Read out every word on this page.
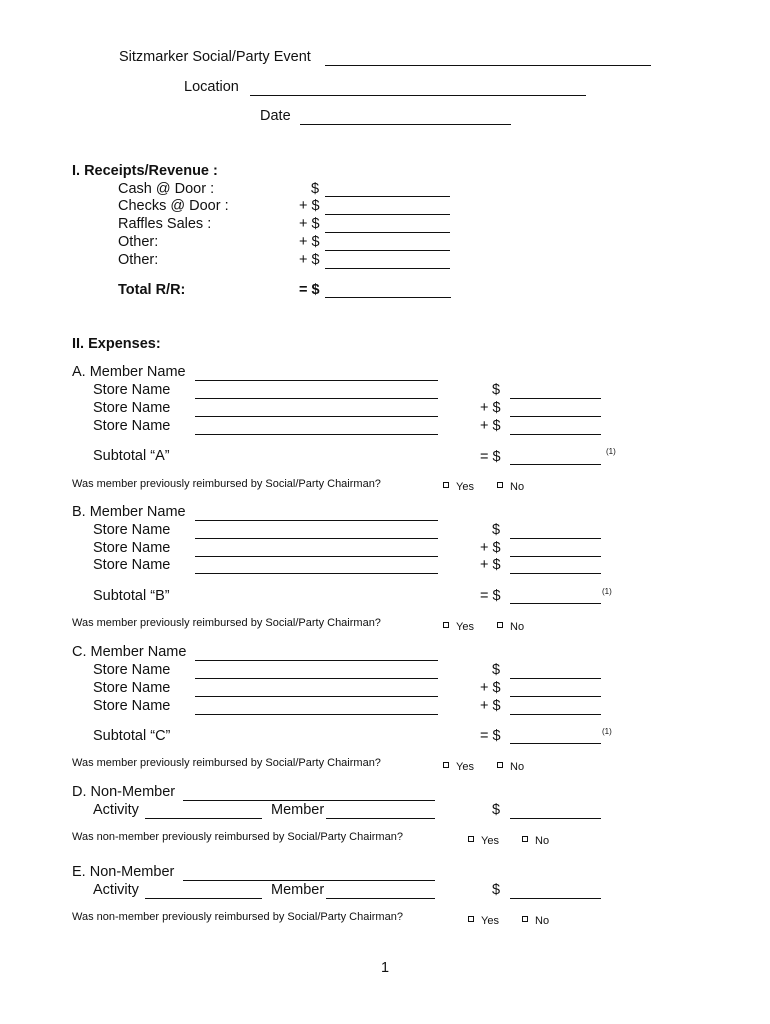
Sitzmarker Social/Party Event
Location
Date
I. Receipts/Revenue :
Cash @ Door :	$
Checks @ Door :	+ $
Raffles Sales :	+ $
Other:	+ $
Other:	+ $
Total R/R:	= $
II. Expenses:
A. Member Name
Store Name	$
Store Name	+ $
Store Name	+ $
Subtotal “A”	= $	(1)
Was member previously reimbursed by Social/Party Chairman?	Yes	No
B. Member Name
Store Name	$
Store Name	+ $
Store Name	+ $
Subtotal “B”	= $	(1)
Was member previously reimbursed by Social/Party Chairman?	Yes	No
C. Member Name
Store Name	$
Store Name	+ $
Store Name	+ $
Subtotal “C”	= $	(1)
Was member previously reimbursed by Social/Party Chairman?	Yes	No
D. Non-Member
Activity	Member	$
Was non-member previously reimbursed by Social/Party Chairman?	Yes	No
E. Non-Member
Activity	Member	$
Was non-member previously reimbursed by Social/Party Chairman?	Yes	No
1
